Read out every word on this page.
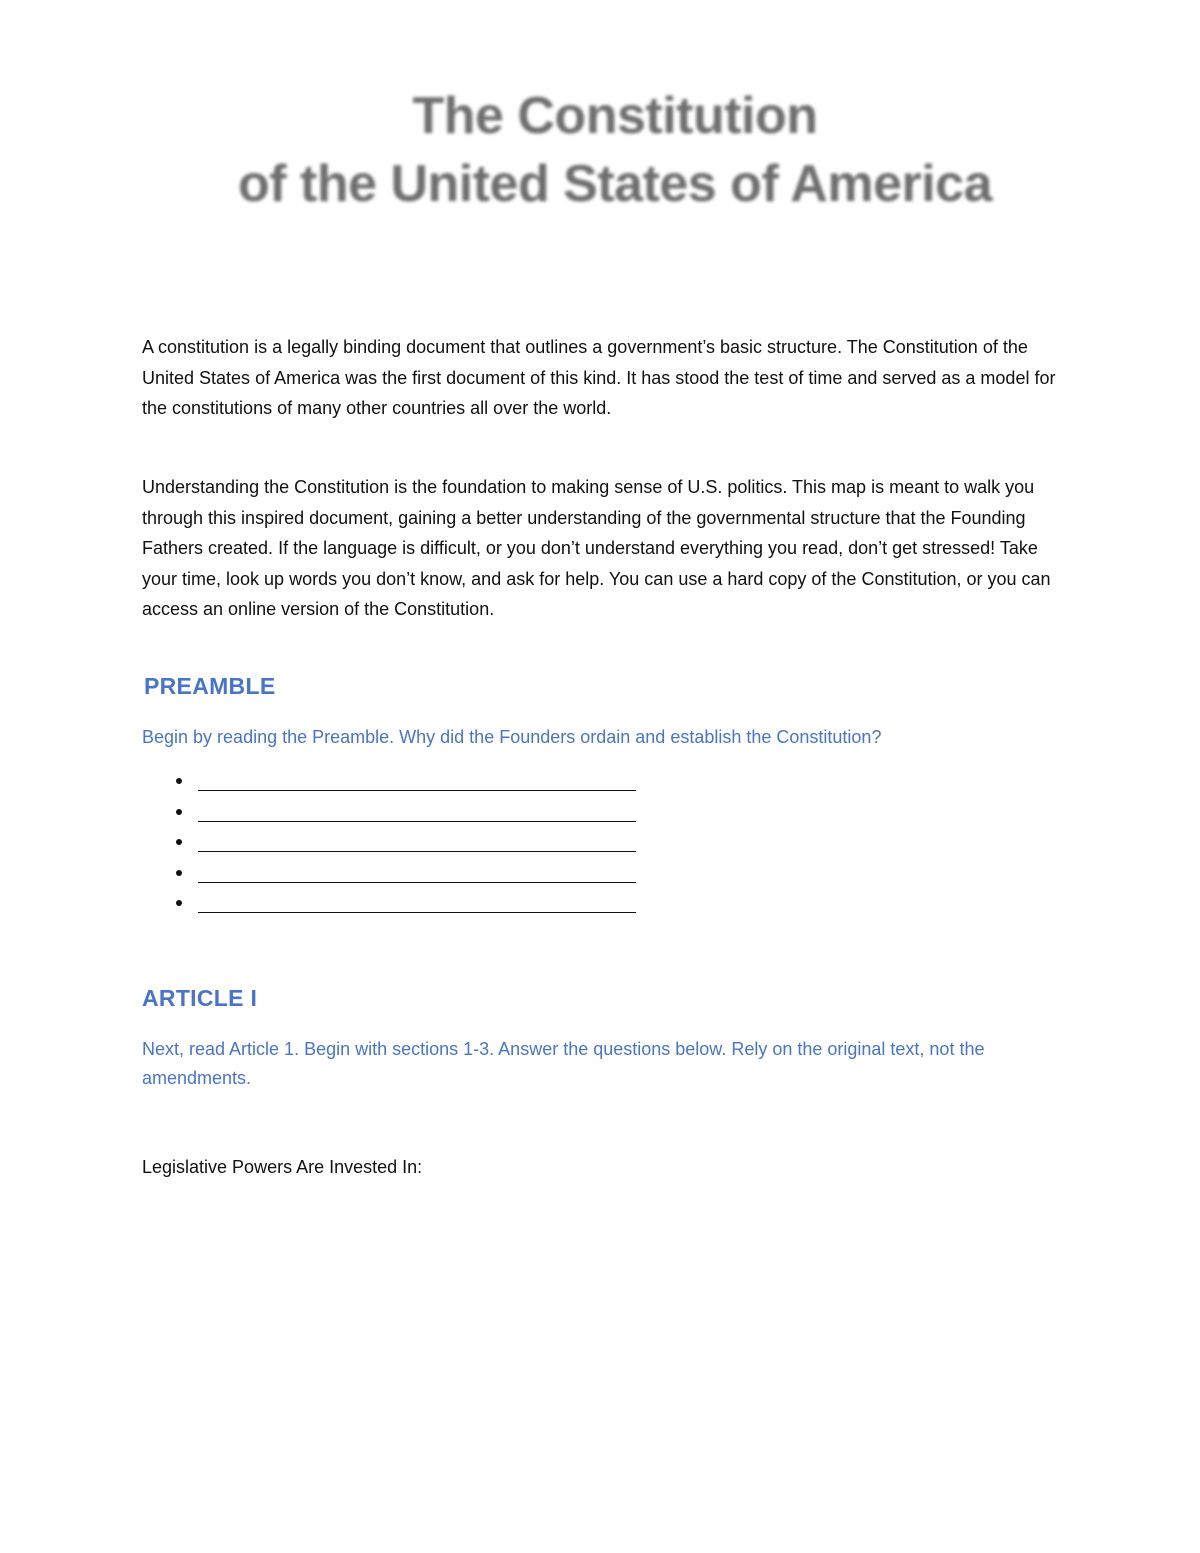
The Constitution
of the United States of America

A constitution is a legally binding document that outlines a government’s basic structure. The Constitution of the United States of America was the first document of this kind. It has stood the test of time and served as a model for the constitutions of many other countries all over the world.

Understanding the Constitution is the foundation to making sense of U.S. politics. This map is meant to walk you through this inspired document, gaining a better understanding of the governmental structure that the Founding Fathers created. If the language is difficult, or you don’t understand everything you read, don’t get stressed! Take your time, look up words you don’t know, and ask for help. You can use a hard copy of the Constitution, or you can access an online version of the Constitution.

PREAMBLE
Begin by reading the Preamble. Why did the Founders ordain and establish the Constitution?
ARTICLE I
Next, read Article 1. Begin with sections 1-3. Answer the questions below. Rely on the original text, not the amendments.
Legislative Powers Are Invested In:
